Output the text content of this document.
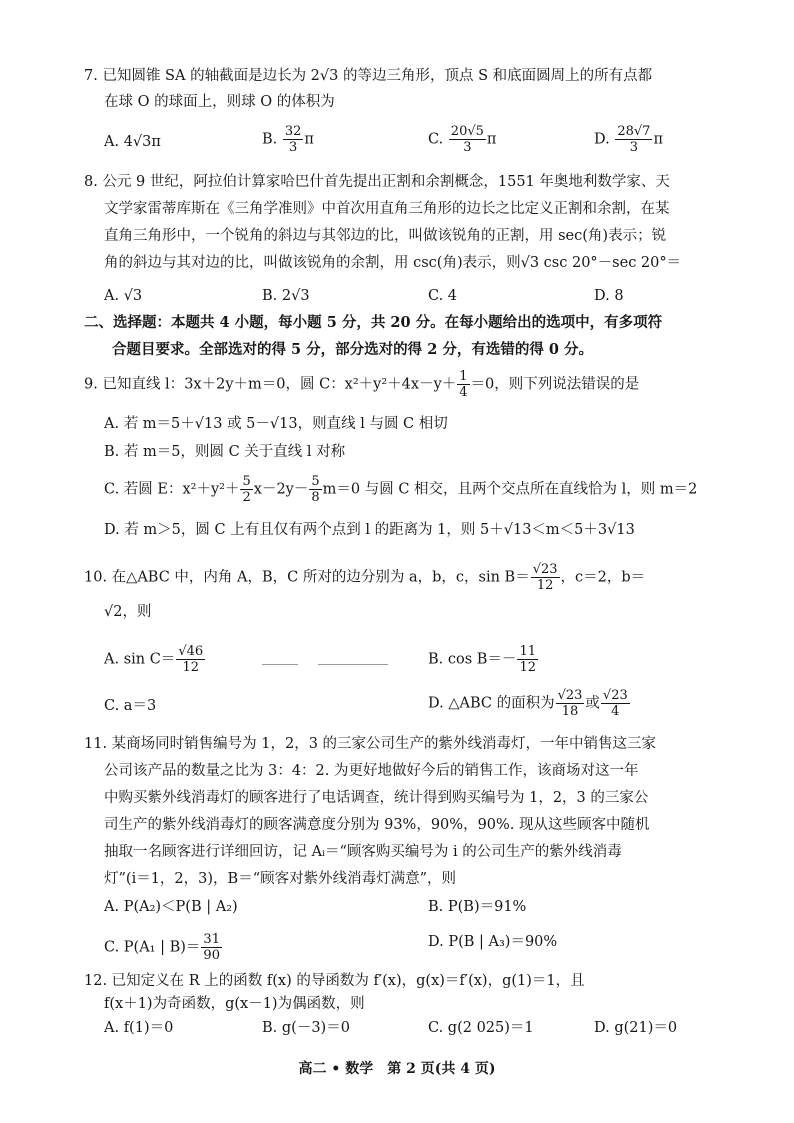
7. 已知圆锥 SA 的轴截面是边长为 2√3 的等边三角形，顶点 S 和底面圆周上的所有点都
在球 O 的球面上，则球 O 的体积为
A. 4√3π	B. $\frac{32}{3}$ π	C. $\frac{20√5}{3}$ π	D. $\frac{28√7}{3}$ π
8. 公元 9 世纪，阿拉伯计算家哈巴什首先提出正割和余割概念，1551 年奥地利数学家、天
文学家雷蒂库斯在《三角学准则》中首次用直角三角形的边长之比定义正割和余割，在某
直角三角形中，一个锐角的斜边与其邻边的比，叫做该锐角的正割，用 sec(角)表示；锐
角的斜边与其对边的比，叫做该锐角的余割，用 csc(角)表示，则√3 csc 20°－sec 20°＝
A. √3	B. 2√3	C. 4	D. 8
二、选择题：本题共 4 小题，每小题 5 分，共 20 分。在每小题给出的选项中，有多项符
合题目要求。全部选对的得 5 分，部分选对的得 2 分，有选错的得 0 分。
9. 已知直线 l：3x＋2y＋m＝0，圆 C：$x^2+y^2+4x-y+ \frac{1}{4} =0$，则下列说法错误的是
A. 若 m＝5＋√13 或 5－√13，则直线 l 与圆 C 相切
B. 若 m＝5，则圆 C 关于直线 l 对称
C. 若圆 E：$x^2+y^2+ \frac{5}{2} x-2y- \frac{5}{8} m=0$ 与圆 C 相交，且两个交点所在直线恰为 l，则 m＝2
D. 若 m＞5，圆 C 上有且仅有两个点到 l 的距离为 1，则 5＋√13＜m＜5＋3√13
10. 在△ABC 中，内角 A，B，C 所对的边分别为 a，b，c，$\sin B= \frac{√23}{12}$ ，c＝2，b＝
√2，则
A. $\sin C= \frac{√46}{12}$	B. $\cos B=- \frac{11}{12}$
C. a＝3	D. △ABC 的面积为 $\frac{√23}{18}$ 或 $\frac{√23}{4}$
11. 某商场同时销售编号为 1，2，3 的三家公司生产的紫外线消毒灯，一年中销售这三家
公司该产品的数量之比为 3：4：2. 为更好地做好今后的销售工作，该商场对这一年
中购买紫外线消毒灯的顾客进行了电话调查，统计得到购买编号为 1，2，3 的三家公
司生产的紫外线消毒灯的顾客满意度分别为 93%，90%，90%. 现从这些顾客中随机
抽取一名顾客进行详细回访，记 Aᵢ＝“顾客购买编号为 i 的公司生产的紫外线消毒
灯”(i＝1，2，3)，B＝“顾客对紫外线消毒灯满意”，则
A. P(A₂)＜P(B | A₂)	B. P(B)＝91%
C. P(A₁ | $B)= \frac{31}{90}$	D. P(B | A₃)＝90%
12. 已知定义在 R 上的函数 f(x) 的导函数为 f′(x)，g(x)＝f′(x)，g(1)＝1，且
f(x＋1)为奇函数，g(x－1)为偶函数，则
A. f(1)＝0	B. g(－3)＝0	C. g(2 025)＝1	D. g(21)＝0
高二 • 数学　第 2 页(共 4 页)
